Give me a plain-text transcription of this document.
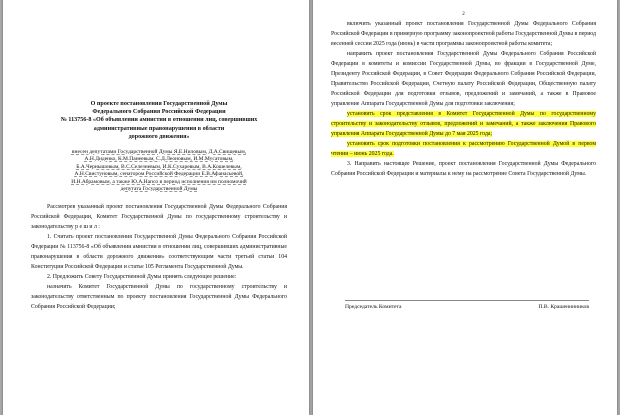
О проекте постановления Государственной Думы
Федерального Собрания Российской Федерации
№ 113756-8 «Об объявлении амнистии в отношении лиц, совершивших
административные правонарушения в области
дорожного движения»
внесен депутатами Государственной Думы Я.Е.Ниловым, Д.А.Свищевым,
А.Н.Диденко, К.М.Панеевым, С.Д.Леоновым, И.М.Мусатовым,
Б.А.Чернышовым, В.С.Селезневым, И.К.Сухаревым, В.А.Кошелевым,
А.Н.Свистуновым, сенатором Российской Федерации Е.В.Афанасьевой,
И.Н.Абрамовым, а также Ю.А.Напсо в период исполнения им полномочий
депутата Государственной Думы

Рассмотрев указанный проект постановления Государственной Думы Федерального Собрания Российской Федерации, Комитет Государственной Думы по государственному строительству и законодательству р е ш и л :

1. Считать проект постановления Государственной Думы Федерального Собрания Российской Федерации № 113756-8 «Об объявлении амнистии в отношении лиц, совершивших административные правонарушения в области дорожного движения» соответствующим части третьей статьи 104 Конституции Российской Федерации и статье 105 Регламента Государственной Думы.

2. Предложить Совету Государственной Думы принять следующее решение:

назначить Комитет Государственной Думы по государственному строительству и законодательству ответственным по проекту постановления Государственной Думы Федерального Собрания Российской Федерации;

2

включить указанный проект постановления Государственной Думы Федерального Собрания Российской Федерации в примерную программу законопроектной работы Государственной Думы в период весенней сессии 2025 года (июнь) в части программы законопроектной работы комитета;

направить проект постановления Государственной Думы Федерального Собрания Российской Федерации в комитеты и комиссии Государственной Думы, во фракции в Государственной Думе, Президенту Российской Федерации, в Совет Федерации Федерального Собрания Российской Федерации, Правительство Российской Федерации, Счетную палату Российской Федерации, Общественную палату Российской Федерации для подготовки отзывов, предложений и замечаний, а также в Правовое управление Аппарата Государственной Думы для подготовки заключения;

установить срок представления в Комитет Государственной Думы по государственному строительству и законодательству отзывов, предложений и замечаний, а также заключения Правового управления Аппарата Государственной Думы до 7 мая 2025 года;

установить срок подготовки постановления к рассмотрению Государственной Думой в первом чтении – июнь 2025 года.

3. Направить настоящее Решение, проект постановления Государственной Думы Федерального Собрания Российской Федерации и материалы к нему на рассмотрение Совета Государственной Думы.

Председатель Комитета	П.В. Крашенинников
